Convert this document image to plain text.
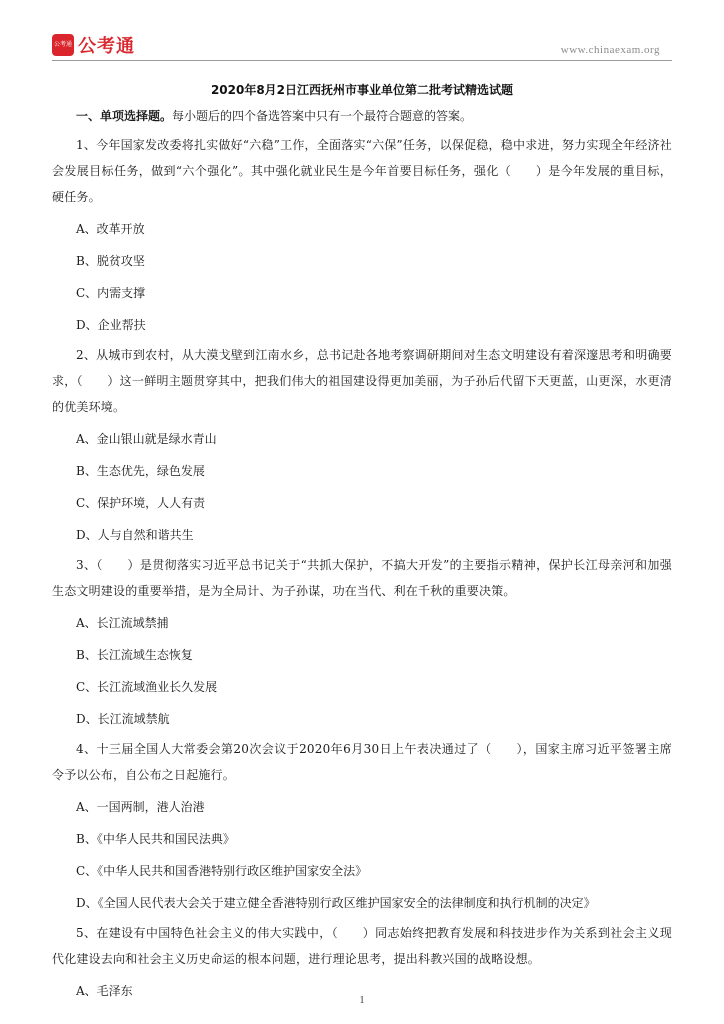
公考通 公考通	www.chinaexam.org
2020年8月2日江西抚州市事业单位第二批考试精选试题
一、单项选择题。每小题后的四个备选答案中只有一个最符合题意的答案。

1、今年国家发改委将扎实做好“六稳”工作，全面落实“六保”任务，以保促稳，稳中求进，努力实现全年经济社会发展目标任务，做到“六个强化”。其中强化就业民生是今年首要目标任务，强化（　　）是今年发展的重目标，硬任务。

A、改革开放

B、脱贫攻坚

C、内需支撑

D、企业帮扶

2、从城市到农村，从大漠戈壁到江南水乡，总书记赴各地考察调研期间对生态文明建设有着深邃思考和明确要求，（　　）这一鲜明主题贯穿其中，把我们伟大的祖国建设得更加美丽，为子孙后代留下天更蓝，山更深，水更清的优美环境。

A、金山银山就是绿水青山

B、生态优先，绿色发展

C、保护环境，人人有责

D、人与自然和谐共生

3、（　　）是贯彻落实习近平总书记关于“共抓大保护，不搞大开发”的主要指示精神，保护长江母亲河和加强生态文明建设的重要举措，是为全局计、为子孙谋，功在当代、利在千秋的重要决策。

A、长江流域禁捕

B、长江流域生态恢复

C、长江流域渔业长久发展

D、长江流域禁航

4、十三届全国人大常委会第20次会议于2020年6月30日上午表决通过了（　　），国家主席习近平签署主席令予以公布，自公布之日起施行。

A、一国两制，港人治港

B、《中华人民共和国民法典》

C、《中华人民共和国香港特别行政区维护国家安全法》

D、《全国人民代表大会关于建立健全香港特别行政区维护国家安全的法律制度和执行机制的决定》

5、在建设有中国特色社会主义的伟大实践中，（　　）同志始终把教育发展和科技进步作为关系到社会主义现代化建设去向和社会主义历史命运的根本问题，进行理论思考，提出科教兴国的战略设想。

A、毛泽东

1
